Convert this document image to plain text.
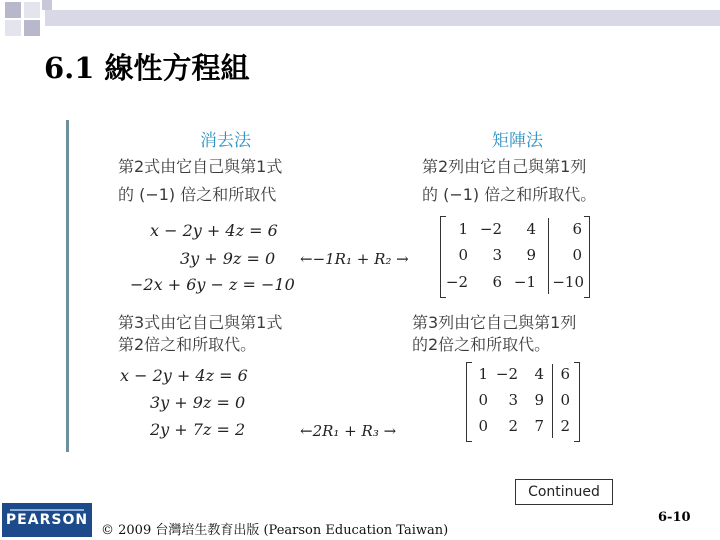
6.1 線性方程組
消去法
第2式由它自己與第1式
的 (−1) 倍之和所取代
x − 2y + 4z = 6
3y + 9z = 0
−2x + 6y − z = −10
←−1R₁ + R₂ →
第3式由它自己與第1式
第2倍之和所取代。
x − 2y + 4z = 6
3y + 9z = 0
2y + 7z = 2	←2R₁ + R₃ →
矩陣法
第2列由它自己與第1列
的 (−1) 倍之和所取代。
1 −2	4	6
0	3	9	0
−2	6 −1 −10
第3列由它自己與第1列
的2倍之和所取代。
1 −2	4	6
0	3	9	0
0	2	7	2
Continued
PEARSON
© 2009 台灣培生教育出版 (Pearson Education Taiwan)
6-10
